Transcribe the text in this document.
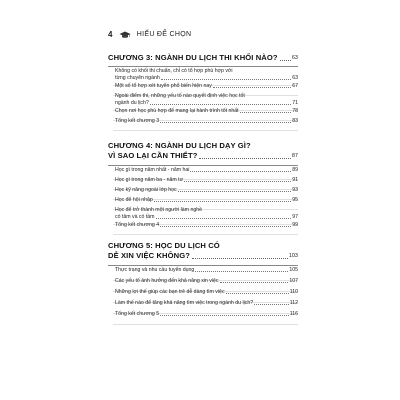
4	HIẾU ĐỂ CHỌN
CHƯƠNG 3: NGÀNH DU LỊCH THI KHỐI NÀO?	63
Không có khối thi chuẩn, chỉ có tổ hợp phù hợp với
từng chuyên ngành	63
Một số tổ hợp xét tuyển phổ biến hiện nay	67
Ngoài điểm thi, những yếu tố nào quyết định việc học tốt
ngành du lịch?	71
Chọn nơi học phù hợp để mang lại hành trình tốt nhất	78
Tổng kết chương 3	83
CHƯƠNG 4: NGÀNH DU LỊCH DẠY GÌ?
VÌ SAO LẠI CẦN THIẾT?	87
Học gì trong năm nhất - năm hai	89
Học gì trong năm ba - năm tư	91
Học kỹ năng ngoài lớp học	93
Học để hội nhập	95
Học để trở thành một người làm nghề
có tâm và có tầm	97
Tổng kết chương 4	99
CHƯƠNG 5: HỌC DU LỊCH CÓ
DỄ XIN VIỆC KHÔNG?	103
Thực trạng và nhu cầu tuyển dụng	105
Các yếu tố ảnh hưởng đến khả năng xin việc	107
Những lợi thế giúp các bạn trẻ dễ dàng tìm việc	110
Làm thế nào để tăng khả năng tìm việc trong ngành du lịch?	112
Tổng kết chương 5	116
